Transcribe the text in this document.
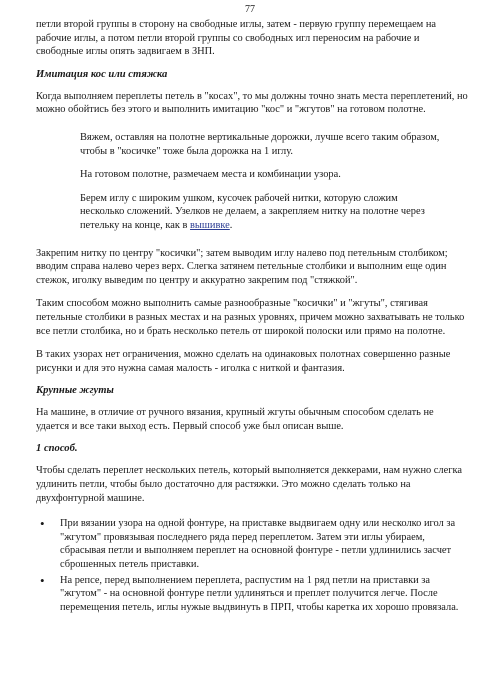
77

петли второй группы в сторону на свободные иглы, затем - первую группу перемещаем на рабочие иглы, а потом петли второй группы со свободных игл переносим на рабочие и свободные иглы опять задвигаем в ЗНП.

Имитация кос или стяжка

Когда выполняем переплеты петель в "косах", то мы должны точно знать места переплетений, но можно обойтись без этого и выполнить имитацию "кос" и "жгутов" на готовом полотне.

Вяжем, оставляя на полотне вертикальные дорожки, лучше всего таким образом, чтобы в "косичке" тоже была дорожка на 1 иглу.

На готовом полотне, размечаем места и комбинации узора.

Берем иглу с широким ушком, кусочек рабочей нитки, которую сложим несколько сложений. Узелков не делаем, а закрепляем нитку на полотне через петельку на конце, как в вышивке.

Закрепим нитку по центру "косички"; затем выводим иглу налево под петельным столбиком; вводим справа налево через верх. Слегка затянем петельные столбики и выполним еще один стежок, иголку выведим по центру и аккуратно закрепим под "стяжкой".

Таким способом можно выполнить самые разнообразные "косички" и "жгуты", стягивая петельные столбики в разных местах и на разных уровнях, причем можно захватывать не только все петли столбика, но и брать несколько петель от широкой полоски или прямо на полотне.

В таких узорах нет ограничения, можно сделать на одинаковых полотнах совершенно разные рисунки и для это нужна самая малость - иголка с ниткой и фантазия.

Крупные жгуты

На машине, в отличие от ручного вязания, крупный жгуты обычным способом сделать не удается и все таки выход есть. Первый способ уже был описан выше.

1 способ.

Чтобы сделать переплет нескольких петель, который выполняется деккерами, нам нужно слегка удлинить петли, чтобы было достаточно для растяжки. Это можно сделать только на двухфонтурной машине.

• При вязании узора на одной фонтуре, на приставке выдвигаем одну или несколко игол за "жгутом" провязывая последнего ряда перед переплетом. Затем эти иглы убираем, сбрасывая петли и выполняем переплет на основной фонтуре - петли удлинились засчет сброшенных петель приставки.
• На репсе, перед выполнением переплета, распустим на 1 ряд петли на приставки за "жгутом" - на основной фонтуре петли удлиняться и преплет получится легче. После перемещения петель, иглы нужые выдвинуть в ПРП, чтобы каретка их хорошо провязала.
